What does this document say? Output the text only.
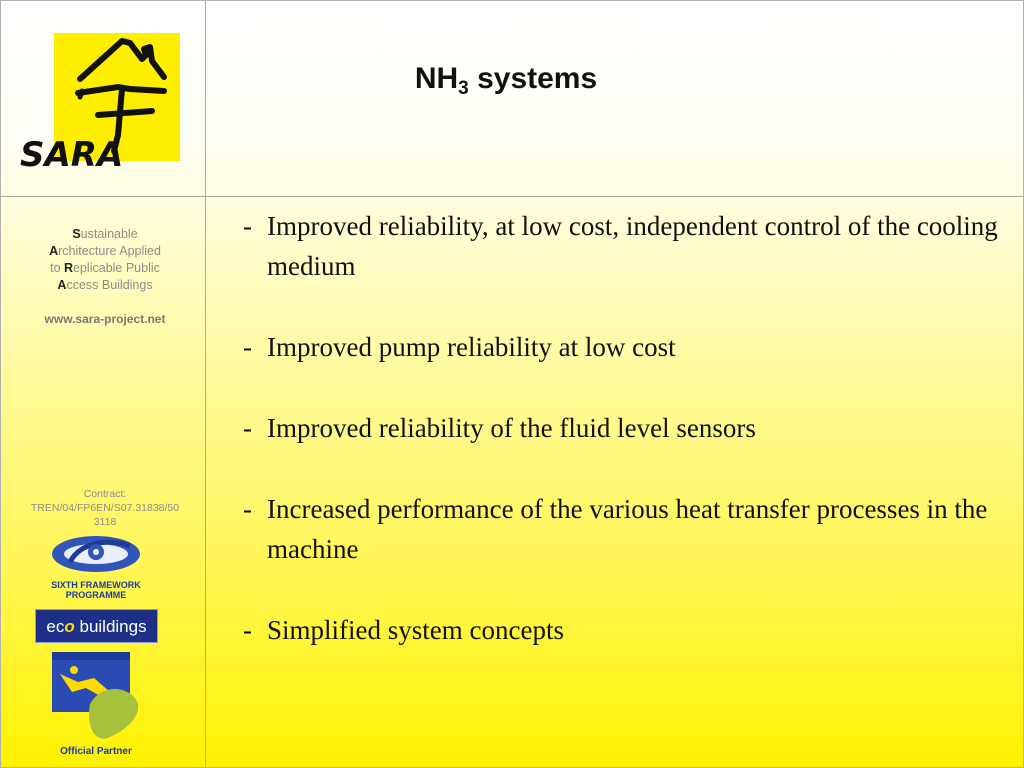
SARA
$NH_3$ systems
Sustainable
Architecture Applied
to Replicable Public
Access Buildings
www.sara-project.net
Contract:
TREN/04/FP6EN/S07.31838/50
3118
SIXTH FRAMEWORK
PROGRAMME
eco buildings
Official Partner
- Improved reliability, at low cost, independent control of the cooling medium
- Improved pump reliability at low cost
- Improved reliability of the fluid level sensors
- Increased performance of the various heat transfer processes in the machine
- Simplified system concepts
